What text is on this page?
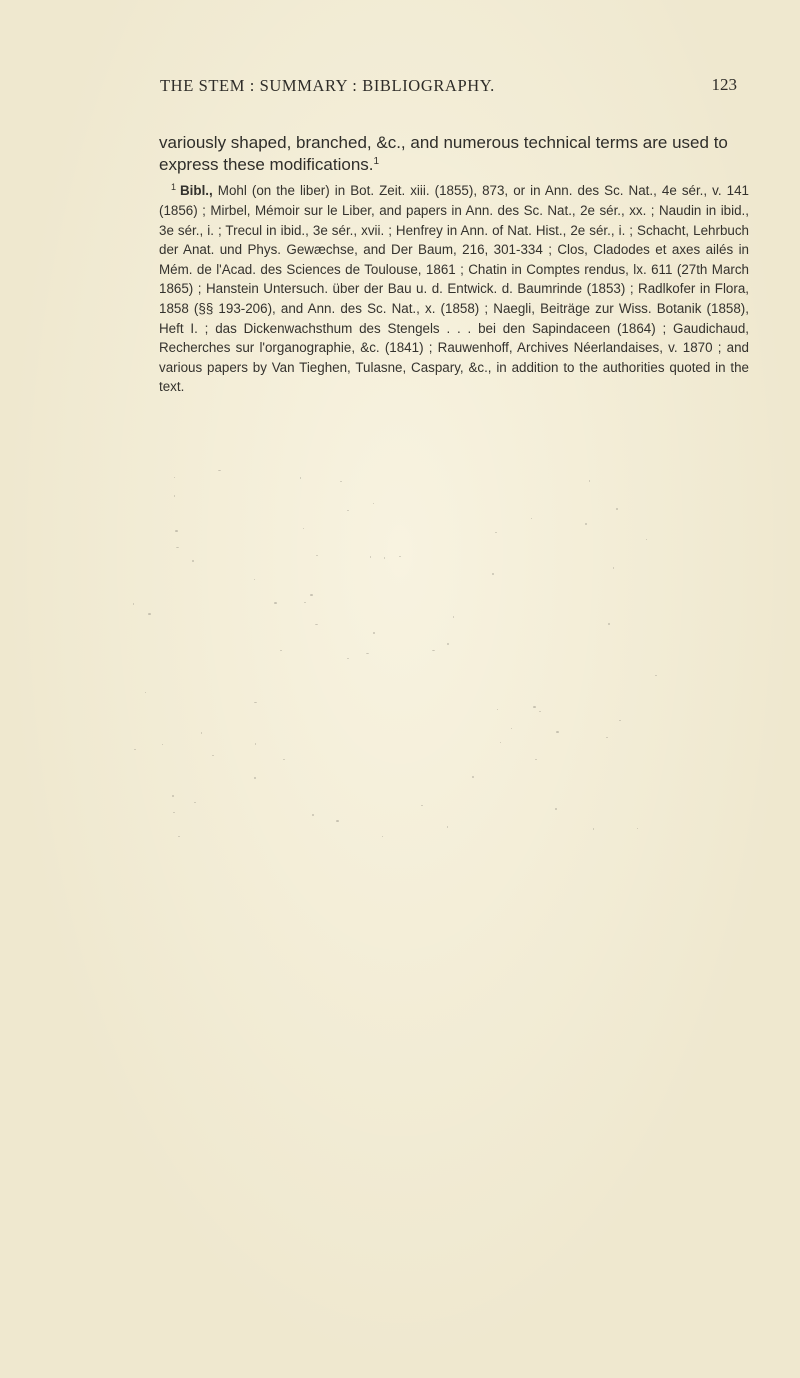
THE STEM : SUMMARY : BIBLIOGRAPHY.	123

variously shaped, branched, &c., and numerous technical terms are used to express these modifications.$^1$

$^1$ Bibl., Mohl (on the liber) in Bot. Zeit. xiii. (1855), 873, or in Ann. des Sc. Nat., 4e sér., v. 141 (1856) ; Mirbel, Mémoir sur le Liber, and papers in Ann. des Sc. Nat., 2e sér., xx. ; Naudin in ibid., 3e sér., i. ; Trecul in ibid., 3e sér., xvii. ; Henfrey in Ann. of Nat. Hist., 2e sér., i. ; Schacht, Lehrbuch der Anat. und Phys. Gewæchse, and Der Baum, 216, 301-334 ; Clos, Cladodes et axes ailés in Mém. de l'Acad. des Sciences de Toulouse, 1861 ; Chatin in Comptes rendus, lx. 611 (27th March 1865) ; Hanstein Untersuch. über der Bau u. d. Entwick. d. Baumrinde (1853) ; Radlkofer in Flora, 1858 (§§ 193-206), and Ann. des Sc. Nat., x. (1858) ; Naegli, Beiträge zur Wiss. Botanik (1858), Heft I. ; das Dickenwachsthum des Stengels . . . bei den Sapindaceen (1864) ; Gaudichaud, Recherches sur l'organographie, &c. (1841) ; Rauwenhoff, Archives Néerlandaises, v. 1870 ; and various papers by Van Tieghen, Tulasne, Caspary, &c., in addition to the authorities quoted in the text.
